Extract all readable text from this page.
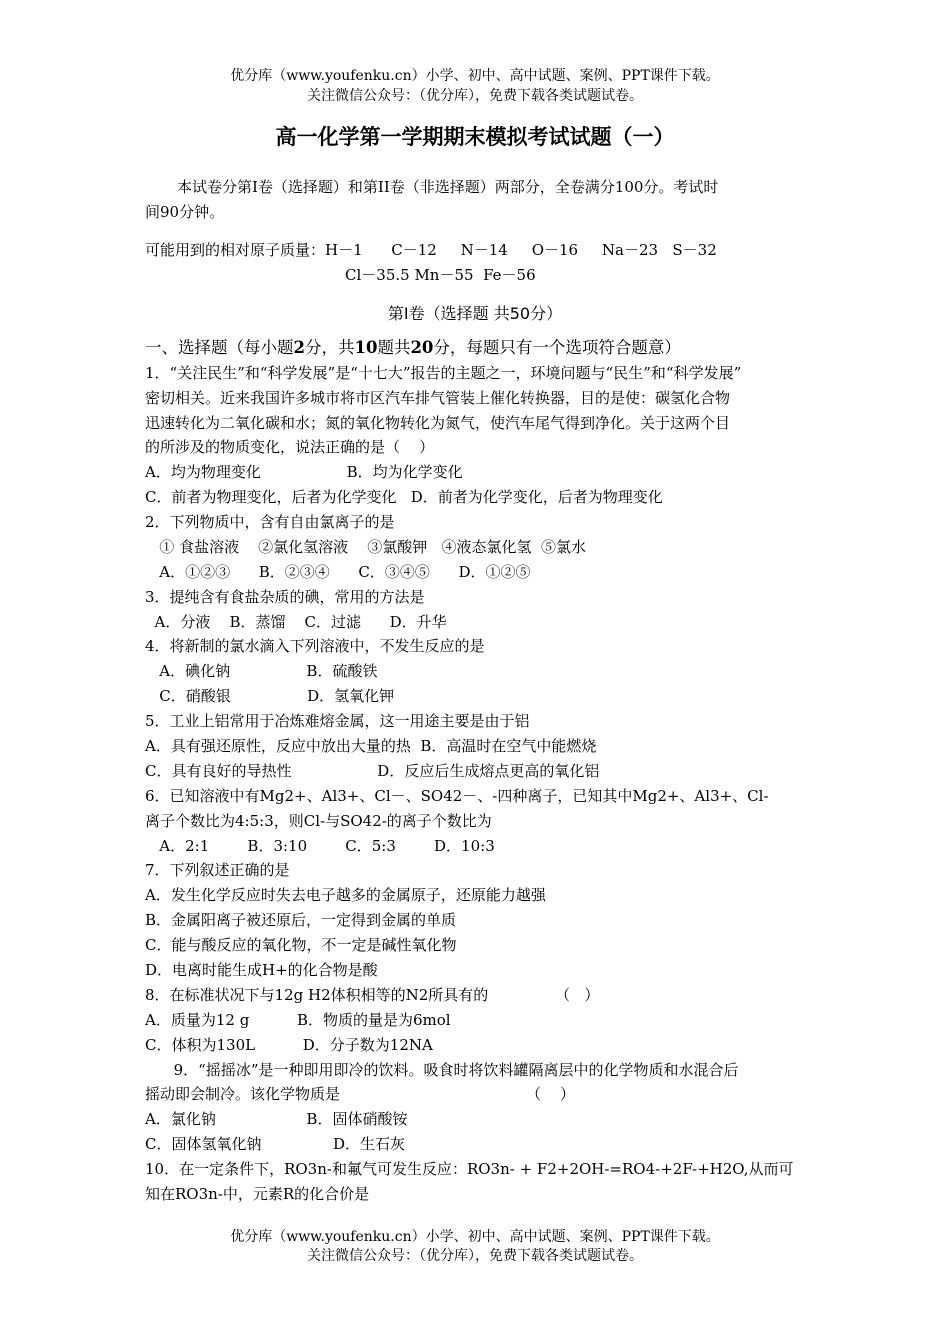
优分库（www.youfenku.cn）小学、初中、高中试题、案例、PPT课件下载。
关注微信公众号：（优分库），免费下载各类试题试卷。
高一化学第一学期期末模拟考试试题（一）
本试卷分第I卷（选择题）和第II卷（非选择题）两部分，全卷满分100分。考试时
间90分钟。
可能用到的相对原子质量：H－1      C－12     N－14     O－16     Na－23   S－32
Cl－35.5 Mn－55  Fe－56
第Ⅰ卷（选择题 共50分）
一、选择题（每小题2分，共10题共20分，每题只有一个选项符合题意）
1．“关注民生”和“科学发展”是“十七大”报告的主题之一，环境问题与“民生”和“科学发展”
密切相关。近来我国许多城市将市区汽车排气管装上催化转换器，目的是使：碳氢化合物
迅速转化为二氧化碳和水；氮的氧化物转化为氮气，使汽车尾气得到净化。关于这两个目
的所涉及的物质变化，说法正确的是（    ）
A．均为物理变化                  B．均为化学变化
C．前者为物理变化，后者为化学变化   D．前者为化学变化，后者为物理变化
2．下列物质中，含有自由氯离子的是
① 食盐溶液    ②氯化氢溶液    ③氯酸钾   ④液态氯化氢  ⑤氯水
A．①②③      B．②③④      C．③④⑤      D．①②⑤
3．提纯含有食盐杂质的碘，常用的方法是
A．分液    B．蒸馏    C．过滤      D．升华
4．将新制的氯水滴入下列溶液中，不发生反应的是
A．碘化钠                B．硫酸铁
C．硝酸银                D．氢氧化钾
5．工业上铝常用于冶炼难熔金属，这一用途主要是由于铝
A．具有强还原性，反应中放出大量的热  B．高温时在空气中能燃烧
C．具有良好的导热性                  D．反应后生成熔点更高的氧化铝
6．已知溶液中有Mg2+、Al3+、Cl－、SO42－、-四种离子，已知其中Mg2+、Al3+、Cl-
离子个数比为4:5:3，则Cl-与SO42-的离子个数比为
A．2:1        B．3:10        C．5:3        D．10:3
7．下列叙述正确的是
A．发生化学反应时失去电子越多的金属原子，还原能力越强
B．金属阳离子被还原后，一定得到金属的单质
C．能与酸反应的氧化物，不一定是碱性氧化物
D．电离时能生成H+的化合物是酸
8．在标准状况下与12g H2体积相等的N2所具有的              （   ）
A．质量为12 g          B．物质的量是为6mol
C．体积为130L          D．分子数为12NA
9．“摇摇冰”是一种即用即冷的饮料。吸食时将饮料罐隔离层中的化学物质和水混合后
摇动即会制冷。该化学物质是                                       （    ）
A．氯化钠                   B．固体硝酸铵
C．固体氢氧化钠               D．生石灰
10．在一定条件下，RO3n-和氟气可发生反应：RO3n- + F2+2OH-=RO4-+2F-+H2O,从而可
知在RO3n-中，元素R的化合价是
优分库（www.youfenku.cn）小学、初中、高中试题、案例、PPT课件下载。
关注微信公众号：（优分库），免费下载各类试题试卷。
